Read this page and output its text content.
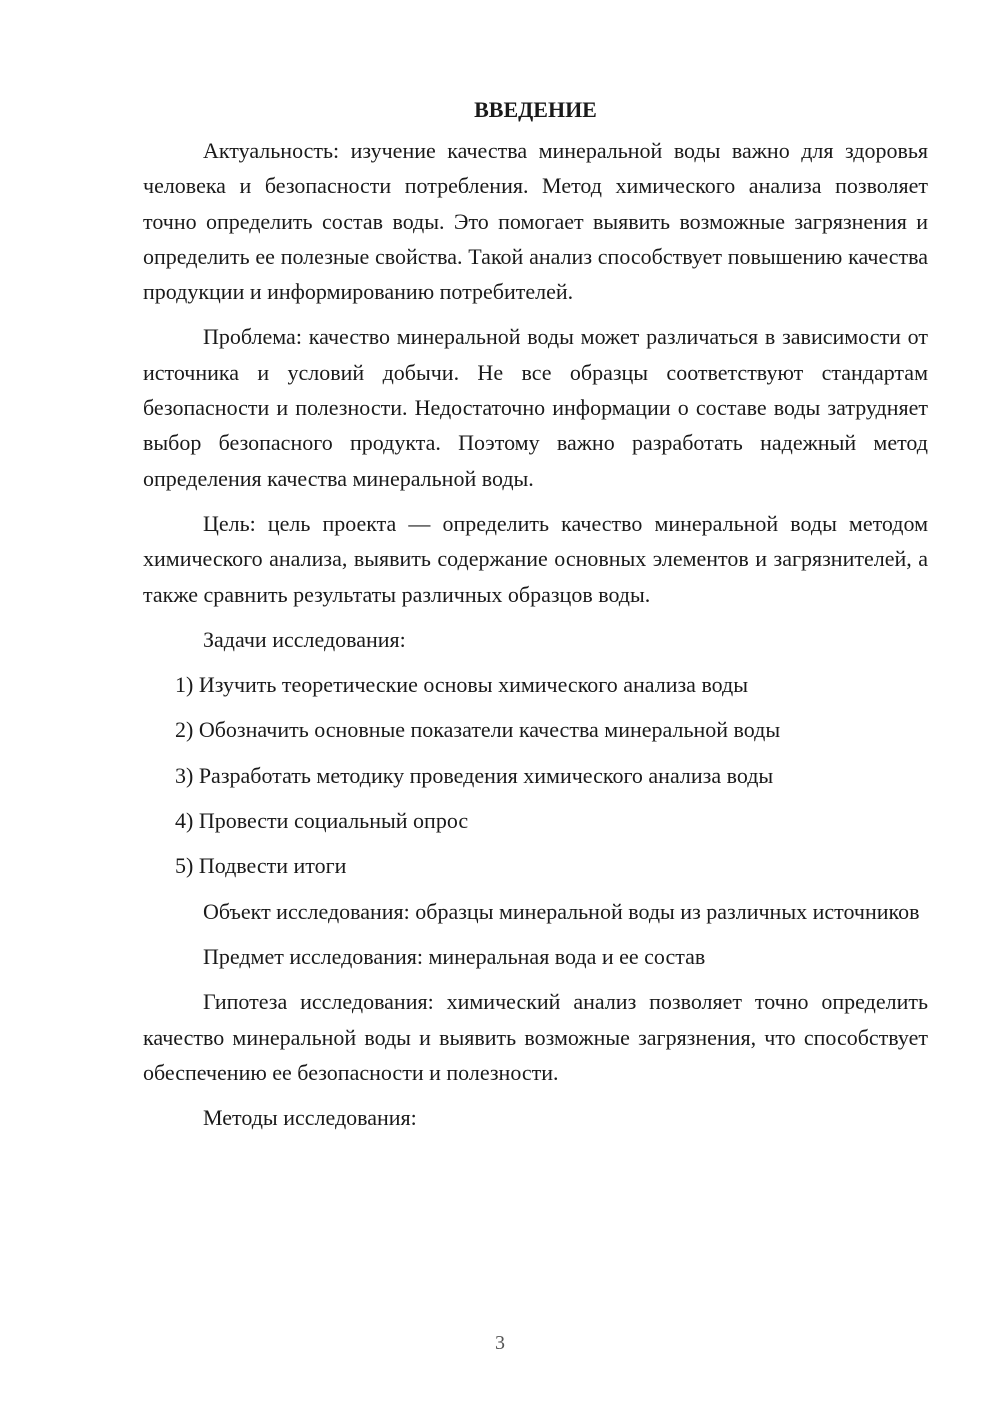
ВВЕДЕНИЕ

Актуальность: изучение качества минеральной воды важно для здоровья человека и безопасности потребления. Метод химического анализа позволяет точно определить состав воды. Это помогает выявить возможные загрязнения и определить ее полезные свойства. Такой анализ способствует повышению качества продукции и информированию потребителей.

Проблема: качество минеральной воды может различаться в зависимости от источника и условий добычи. Не все образцы соответствуют стандартам безопасности и полезности. Недостаточно информации о составе воды затрудняет выбор безопасного продукта. Поэтому важно разработать надежный метод определения качества минеральной воды.

Цель: цель проекта — определить качество минеральной воды методом химического анализа, выявить содержание основных элементов и загрязнителей, а также сравнить результаты различных образцов воды.

Задачи исследования:

1) Изучить теоретические основы химического анализа воды
2) Обозначить основные показатели качества минеральной воды
3) Разработать методику проведения химического анализа воды
4) Провести социальный опрос
5) Подвести итоги

Объект исследования: образцы минеральной воды из различных источников

Предмет исследования: минеральная вода и ее состав

Гипотеза исследования: химический анализ позволяет точно определить качество минеральной воды и выявить возможные загрязнения, что способствует обеспечению ее безопасности и полезности.

Методы исследования:

3
